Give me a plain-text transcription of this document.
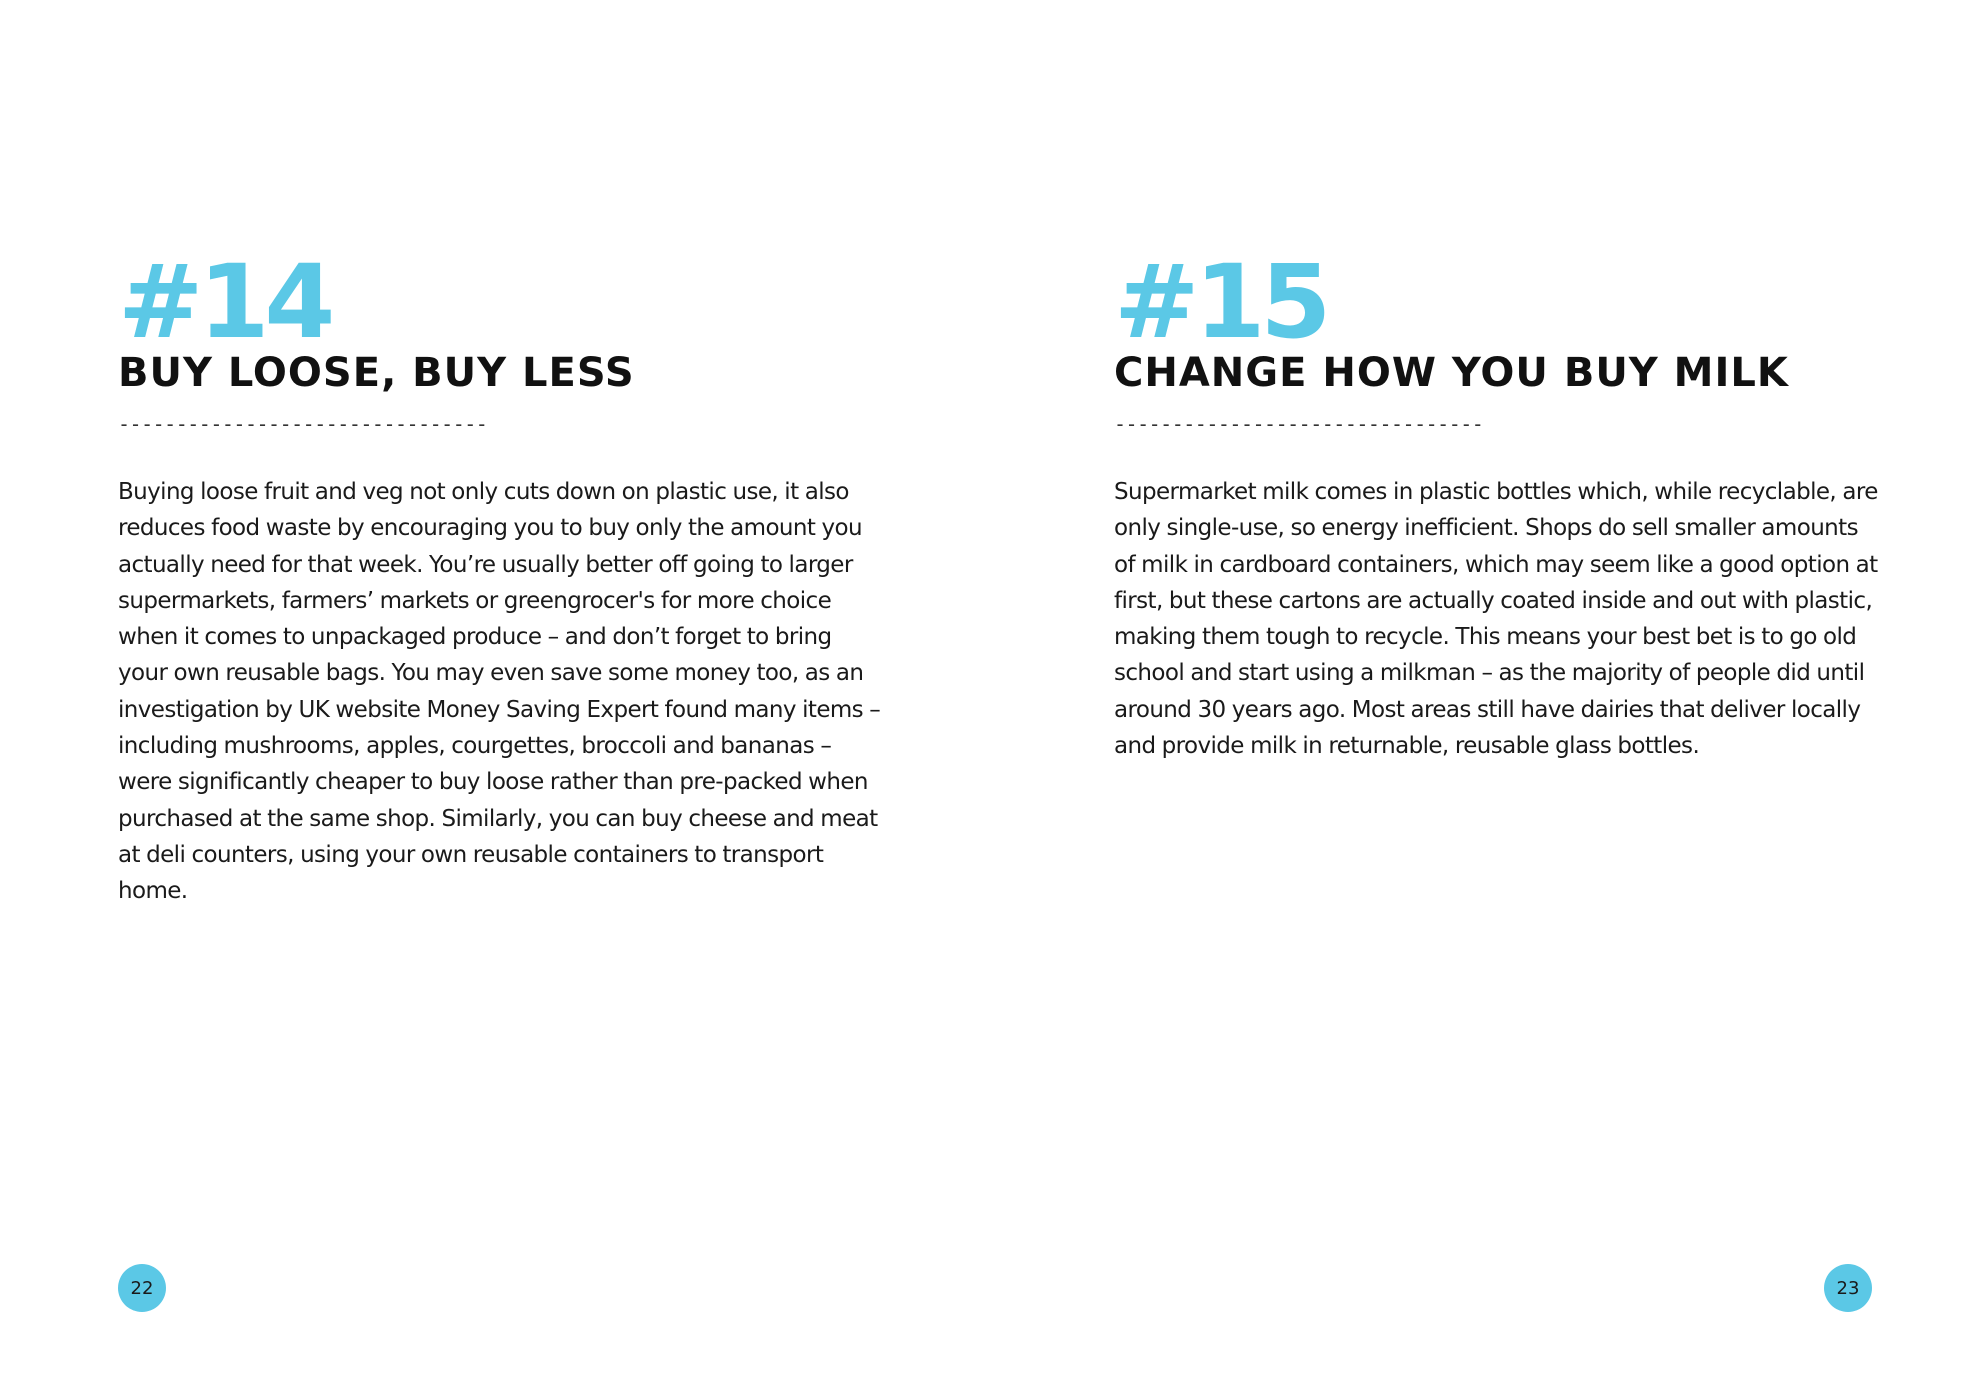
#14
BUY LOOSE, BUY LESS
--------------------------------

Buying loose fruit and veg not only cuts down on plastic use, it also reduces food waste by encouraging you to buy only the amount you actually need for that week. You’re usually better off going to larger supermarkets, farmers’ markets or greengrocer's for more choice when it comes to unpackaged produce – and don’t forget to bring your own reusable bags. You may even save some money too, as an investigation by UK website Money Saving Expert found many items – including mushrooms, apples, courgettes, broccoli and bananas – were significantly cheaper to buy loose rather than pre-packed when purchased at the same shop. Similarly, you can buy cheese and meat at deli counters, using your own reusable containers to transport home.

22
#15
CHANGE HOW YOU BUY MILK
--------------------------------

Supermarket milk comes in plastic bottles which, while recyclable, are only single-use, so energy inefficient. Shops do sell smaller amounts of milk in cardboard containers, which may seem like a good option at first, but these cartons are actually coated inside and out with plastic, making them tough to recycle. This means your best bet is to go old school and start using a milkman – as the majority of people did until around 30 years ago. Most areas still have dairies that deliver locally and provide milk in returnable, reusable glass bottles.

23
